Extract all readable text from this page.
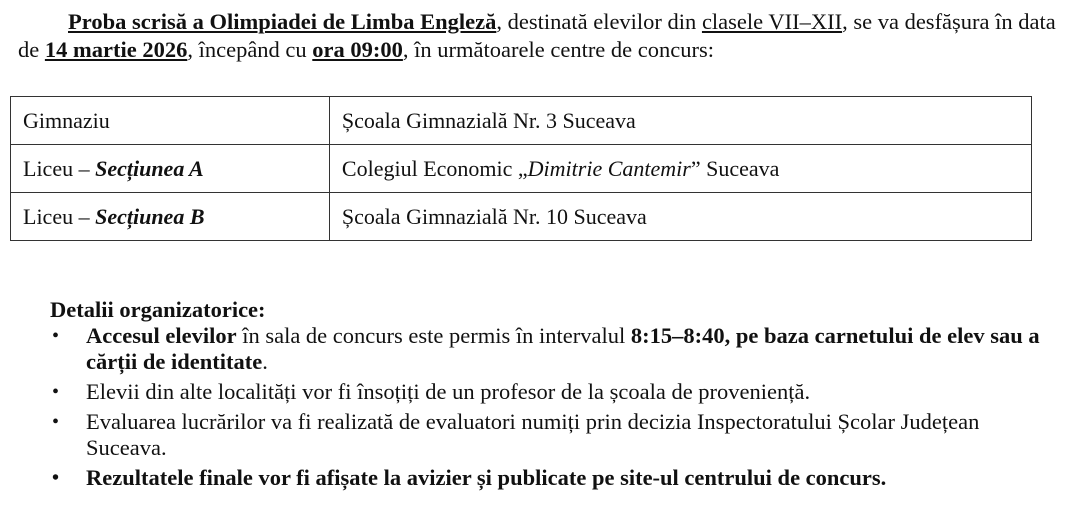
Proba scrisă a Olimpiadei de Limba Engleză, destinată elevilor din clasele VII–XII, se va desfășura în data de 14 martie 2026, începând cu ora 09:00, în următoarele centre de concurs:

Gimnaziu	Școala Gimnazială Nr. 3 Suceava
Liceu – Secțiunea A	Colegiul Economic „Dimitrie Cantemir” Suceava
Liceu – Secțiunea B	Școala Gimnazială Nr. 10 Suceava

Detalii organizatorice:

• Accesul elevilor în sala de concurs este permis în intervalul 8:15–8:40, pe baza carnetului de elev sau a cărții de identitate.
• Elevii din alte localități vor fi însoțiți de un profesor de la școala de proveniență.
• Evaluarea lucrărilor va fi realizată de evaluatori numiți prin decizia Inspectoratului Școlar Județean Suceava.
• Rezultatele finale vor fi afișate la avizier și publicate pe site-ul centrului de concurs.
